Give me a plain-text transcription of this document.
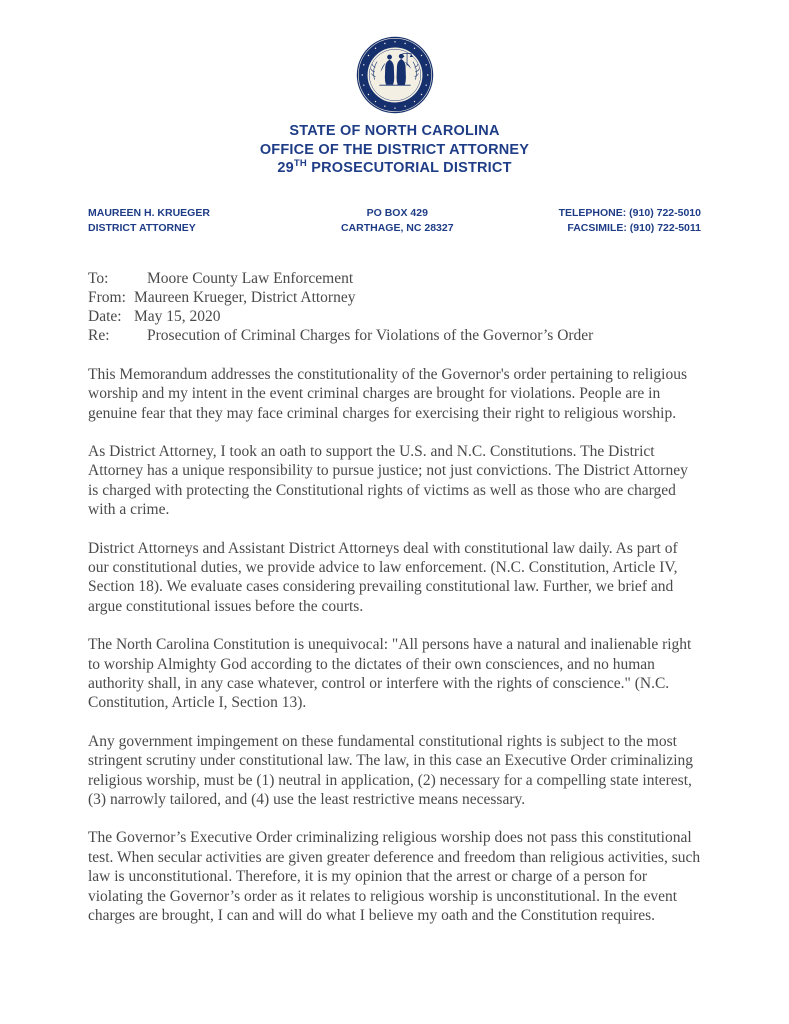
STATE OF NORTH CAROLINA
OFFICE OF THE DISTRICT ATTORNEY
29TH PROSECUTORIAL DISTRICT
MAUREEN H. KRUEGER
DISTRICT ATTORNEY
PO BOX 429
CARTHAGE, NC 28327
TELEPHONE: (910) 722-5010
FACSIMILE: (910) 722-5011
To:	Moore County Law Enforcement
From: Maureen Krueger, District Attorney
Date: May 15, 2020
Re:	Prosecution of Criminal Charges for Violations of the Governor’s Order

This Memorandum addresses the constitutionality of the Governor's order pertaining to religious worship and my intent in the event criminal charges are brought for violations. People are in genuine fear that they may face criminal charges for exercising their right to religious worship.

As District Attorney, I took an oath to support the U.S. and N.C. Constitutions. The District Attorney has a unique responsibility to pursue justice; not just convictions. The District Attorney is charged with protecting the Constitutional rights of victims as well as those who are charged with a crime.

District Attorneys and Assistant District Attorneys deal with constitutional law daily. As part of our constitutional duties, we provide advice to law enforcement. (N.C. Constitution, Article IV, Section 18). We evaluate cases considering prevailing constitutional law. Further, we brief and argue constitutional issues before the courts.

The North Carolina Constitution is unequivocal: "All persons have a natural and inalienable right to worship Almighty God according to the dictates of their own consciences, and no human authority shall, in any case whatever, control or interfere with the rights of conscience." (N.C. Constitution, Article I, Section 13).

Any government impingement on these fundamental constitutional rights is subject to the most stringent scrutiny under constitutional law. The law, in this case an Executive Order criminalizing religious worship, must be (1) neutral in application, (2) necessary for a compelling state interest, (3) narrowly tailored, and (4) use the least restrictive means necessary.

The Governor’s Executive Order criminalizing religious worship does not pass this constitutional test. When secular activities are given greater deference and freedom than religious activities, such law is unconstitutional. Therefore, it is my opinion that the arrest or charge of a person for violating the Governor’s order as it relates to religious worship is unconstitutional. In the event charges are brought, I can and will do what I believe my oath and the Constitution requires.
